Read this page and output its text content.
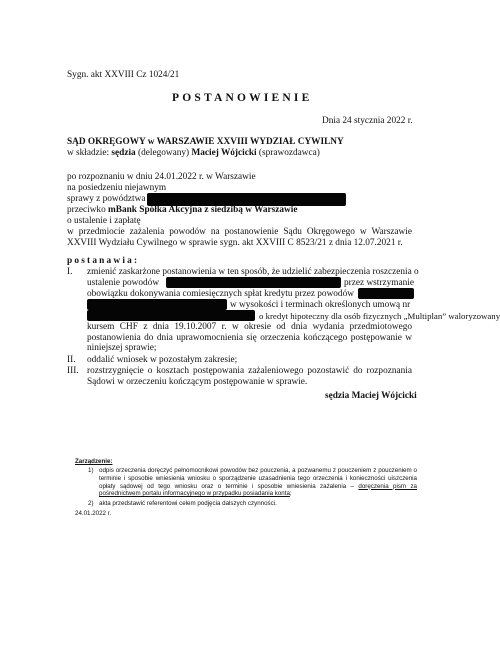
Sygn. akt XXVIII Cz 1024/21
POSTANOWIENIE
Dnia 24 stycznia 2022 r.
SĄD OKRĘGOWY w WARSZAWIE XXVIII WYDZIAŁ CYWILNY
w składzie: sędzia (delegowany) Maciej Wójcicki (sprawozdawca)
po rozpoznaniu w dniu 24.01.2022 r. w Warszawie
na posiedzeniu niejawnym
sprawy z powództwa
przeciwko mBank Spółka Akcyjna z siedzibą w Warszawie
o ustalenie i zapłatę
w przedmiocie zażalenia powodów na postanowienie Sądu Okręgowego w Warszawie XXVIII Wydziału Cywilnego w sprawie sygn. akt XXVIII C 8523/21 z dnia 12.07.2021 r.
postanawia:
I. zmienić zaskarżone postanowienia w ten sposób, że udzielić zabezpieczenia roszczenia o
ustalenie powodów	przez wstrzymanie
obowiązku dokonywania comiesięcznych spłat kredytu przez powodów
w wysokości i terminach określonych umową nr
o kredyt hipoteczny dla osób fizycznych „Multiplan” waloryzowany
kursem CHF z dnia 19.10.2007 r. w okresie od dnia wydania przedmiotowego postanowienia do dnia uprawomocnienia się orzeczenia kończącego postępowanie w niniejszej sprawie;
II. oddalić wniosek w pozostałym zakresie;
III. rozstrzygnięcie o kosztach postępowania zażaleniowego pozostawić do rozpoznania Sądowi w orzeczeniu kończącym postępowanie w sprawie.
sędzia Maciej Wójcicki
Zarządzenie:
1) odpis orzeczenia doręczyć pełnomocnikowi powodów bez pouczenia, a pozwanemu z pouczeniem z pouczeniem o terminie i sposobie wniesienia wniosku o sporządzenie uzasadnienia tego orzeczenia i konieczności uiszczenia opłaty sądowej od tego wniosku oraz o terminie i sposobie wniesienia zażalenia – doręczenia pism za pośrednictwem portalu informacyjnego w przypadku posiadania konta;
2) akta przedstawić referentowi celem podjęcia dalszych czynności.
24.01.2022 r.
